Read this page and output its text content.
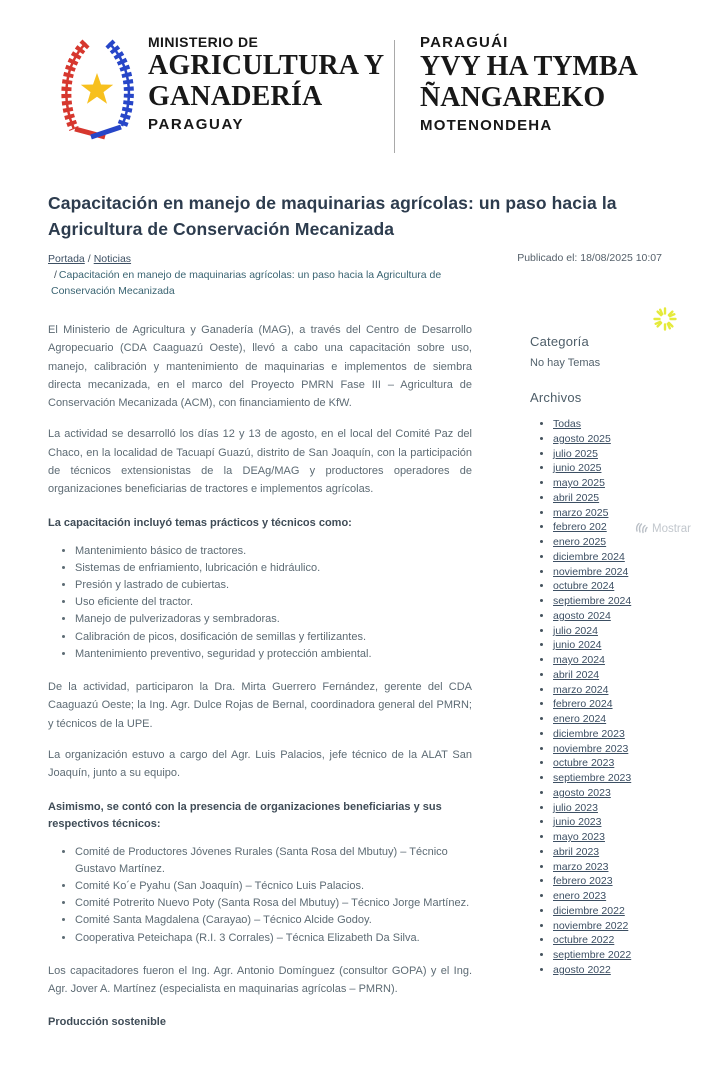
MINISTERIO DE
AGRICULTURA Y
GANADERÍA
PARAGUAY
PARAGUÁI
YVY HA TYMBA
ÑANGAREKO
MOTENONDEHA
Capacitación en manejo de maquinarias agrícolas: un paso hacia la Agricultura de Conservación Mecanizada
Portada / Noticias
/ Capacitación en manejo de maquinarias agrícolas: un paso hacia la Agricultura de Conservación Mecanizada
Publicado el: 18/08/2025 10:07

El Ministerio de Agricultura y Ganadería (MAG), a través del Centro de Desarrollo Agropecuario (CDA Caaguazú Oeste), llevó a cabo una capacitación sobre uso, manejo, calibración y mantenimiento de maquinarias e implementos de siembra directa mecanizada, en el marco del Proyecto PMRN Fase III – Agricultura de Conservación Mecanizada (ACM), con financiamiento de KfW.

La actividad se desarrolló los días 12 y 13 de agosto, en el local del Comité Paz del Chaco, en la localidad de Tacuapí Guazú, distrito de San Joaquín, con la participación de técnicos extensionistas de la DEAg/MAG y productores operadores de organizaciones beneficiarias de tractores e implementos agrícolas.

La capacitación incluyó temas prácticos y técnicos como:
• Mantenimiento básico de tractores.
• Sistemas de enfriamiento, lubricación e hidráulico.
• Presión y lastrado de cubiertas.
• Uso eficiente del tractor.
• Manejo de pulverizadoras y sembradoras.
• Calibración de picos, dosificación de semillas y fertilizantes.
• Mantenimiento preventivo, seguridad y protección ambiental.

De la actividad, participaron la Dra. Mirta Guerrero Fernández, gerente del CDA Caaguazú Oeste; la Ing. Agr. Dulce Rojas de Bernal, coordinadora general del PMRN; y técnicos de la UPE.

La organización estuvo a cargo del Agr. Luis Palacios, jefe técnico de la ALAT San Joaquín, junto a su equipo.

Asimismo, se contó con la presencia de organizaciones beneficiarias y sus respectivos técnicos:
• Comité de Productores Jóvenes Rurales (Santa Rosa del Mbutuy) – Técnico Gustavo Martínez.
• Comité Ko´e Pyahu (San Joaquín) – Técnico Luis Palacios.
• Comité Potrerito Nuevo Poty (Santa Rosa del Mbutuy) – Técnico Jorge Martínez.
• Comité Santa Magdalena (Carayao) – Técnico Alcide Godoy.
• Cooperativa Peteichapa (R.I. 3 Corrales) – Técnica Elizabeth Da Silva.

Los capacitadores fueron el Ing. Agr. Antonio Domínguez (consultor GOPA) y el Ing. Agr. Jover A. Martínez (especialista en maquinarias agrícolas – PMRN).

Producción sostenible
Categoría
No hay Temas
Archivos
• Todas
• agosto 2025
• julio 2025
• junio 2025
• mayo 2025
• abril 2025
• marzo 2025
• febrero 202
• enero 2025
• diciembre 2024
• noviembre 2024
• octubre 2024
• septiembre 2024
• agosto 2024
• julio 2024
• junio 2024
• mayo 2024
• abril 2024
• marzo 2024
• febrero 2024
• enero 2024
• diciembre 2023
• noviembre 2023
• octubre 2023
• septiembre 2023
• agosto 2023
• julio 2023
• junio 2023
• mayo 2023
• abril 2023
• marzo 2023
• febrero 2023
• enero 2023
• diciembre 2022
• noviembre 2022
• octubre 2022
• septiembre 2022
• agosto 2022
Mostrar
